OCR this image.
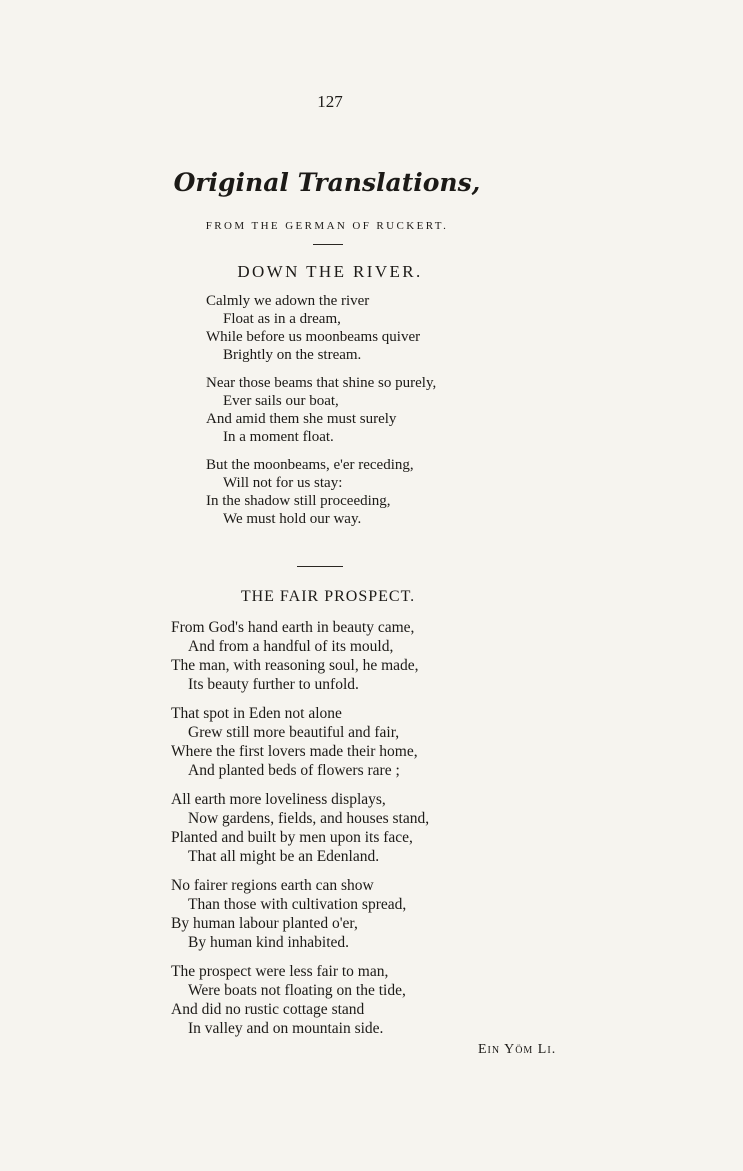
127
Original Translations,
FROM THE GERMAN OF RUCKERT.
DOWN THE RIVER.
Calmly we adown the river
Float as in a dream,
While before us moonbeams quiver
Brightly on the stream.
Near those beams that shine so purely,
Ever sails our boat,
And amid them she must surely
In a moment float.
But the moonbeams, e'er receding,
Will not for us stay:
In the shadow still proceeding,
We must hold our way.
THE FAIR PROSPECT.
From God's hand earth in beauty came,
And from a handful of its mould,
The man, with reasoning soul, he made,
Its beauty further to unfold.
That spot in Eden not alone
Grew still more beautiful and fair,
Where the first lovers made their home,
And planted beds of flowers rare ;
All earth more loveliness displays,
Now gardens, fields, and houses stand,
Planted and built by men upon its face,
That all might be an Edenland.
No fairer regions earth can show
Than those with cultivation spread,
By human labour planted o'er,
By human kind inhabited.
The prospect were less fair to man,
Were boats not floating on the tide,
And did no rustic cottage stand
In valley and on mountain side.
Ein Yöm Li.
